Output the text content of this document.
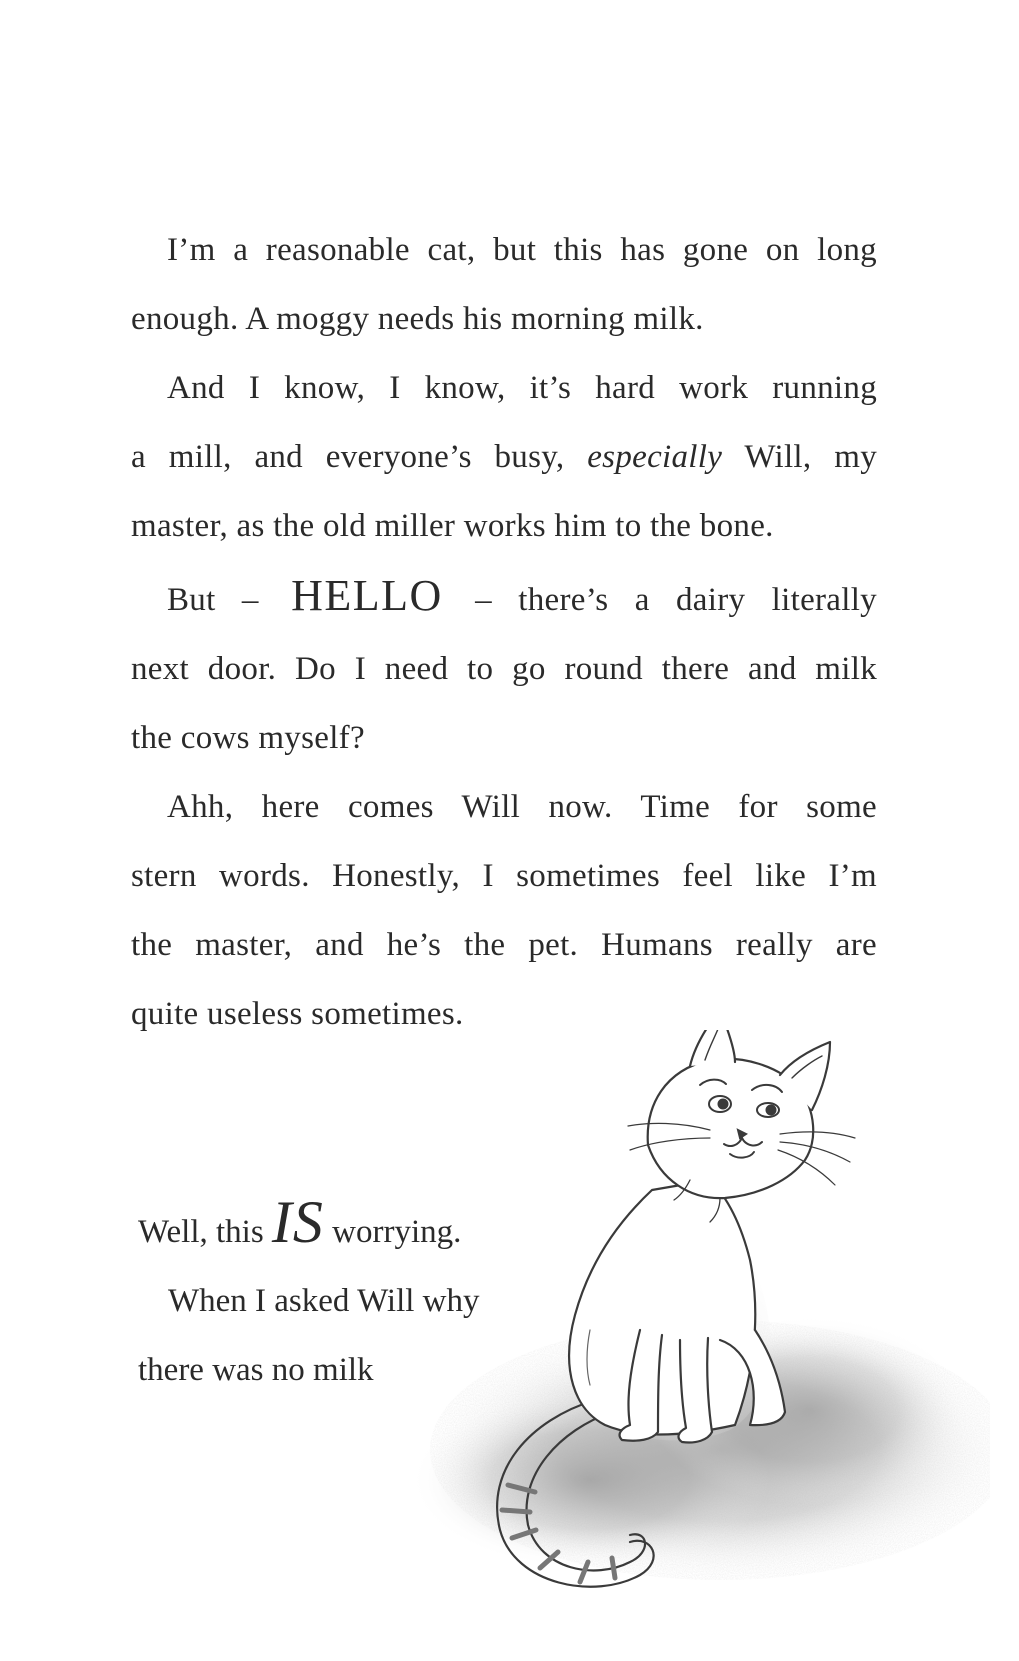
I’m a reasonable cat, but this has gone on long
enough. A moggy needs his morning milk.
And I know, I know, it’s hard work running
a mill, and everyone’s busy, especially Will, my
master, as the old miller works him to the bone.
But – HELLO – there’s a dairy literally
next door. Do I need to go round there and milk
the cows myself?
Ahh, here comes Will now. Time for some
stern words. Honestly, I sometimes feel like I’m
the master, and he’s the pet. Humans really are
quite useless sometimes.
Well, this IS worrying.
When I asked Will why
there was no milk
